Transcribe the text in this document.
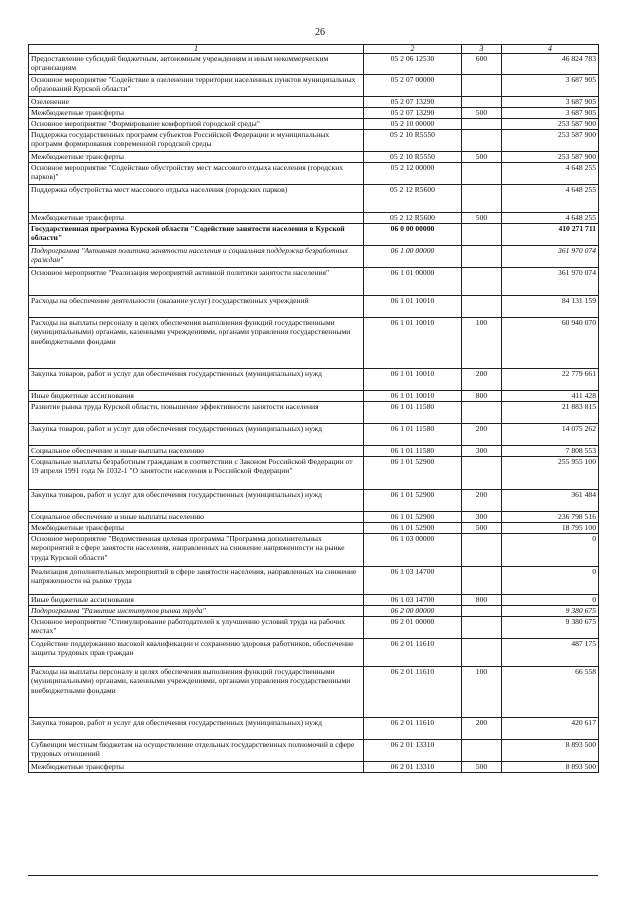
26
1	2	3	4
Предоставление субсидий бюджетным, автономным учреждениям и иным некоммерческим организациям	05 2 06 12530	600	46 824 783
Основное мероприятие "Содействие в озеленении территории населенных пунктов муниципальных образований Курской области"	05 2 07 00000		3 687 905
Озеленение	05 2 07 13290		3 687 905
Межбюджетные трансферты	05 2 07 13290	500	3 687 905
Основное мероприятие "Формирование комфортной городской среды"	05 2 10 00000		253 587 900
Поддержка государственных программ субъектов Российской Федерации и муниципальных программ формирования современной городской среды	05 2 10 R5550		253 587 900
Межбюджетные трансферты	05 2 10 R5550	500	253 587 900
Основное мероприятие "Содействие обустройству мест массового отдыха населения (городских парков)"	05 2 12 00000		4 648 255
Поддержка обустройства мест массового отдыха населения (городских парков)	05 2 12 R5600		4 648 255
Межбюджетные трансферты	05 2 12 R5600	500	4 648 255
Государственная программа Курской области "Содействие занятости населения в Курской области"	06 0 00 00000		410 271 711
Подпрограмма "Активная политика занятости населения и социальная поддержка безработных граждан"	06 1 00 00000		361 970 074
Основное мероприятие "Реализация мероприятий активной политики занятости населения"	06 1 01 00000		361 970 074
Расходы на обеспечение деятельности (оказание услуг) государственных учреждений	06 1 01 10010		84 131 159
Расходы на выплаты персоналу в целях обеспечения выполнения функций государственными (муниципальными) органами, казенными учреждениями, органами управления государственными внебюджетными фондами	06 1 01 10010	100	60 940 070
Закупка товаров, работ и услуг для обеспечения государственных (муниципальных) нужд	06 1 01 10010	200	22 779 661
Иные бюджетные ассигнования	06 1 01 10010	800	411 428
Развитие рынка труда Курской области, повышение эффективности занятости населения	06 1 01 11580		21 883 815
Закупка товаров, работ и услуг для обеспечения государственных (муниципальных) нужд	06 1 01 11580	200	14 075 262
Социальное обеспечение и иные выплаты населению	06 1 01 11580	300	7 808 553
Социальные выплаты безработным гражданам в соответствии с Законом Российской Федерации от 19 апреля 1991 года № 1032-1 "О занятости населения в Российской Федерации"	06 1 01 52900		255 955 100
Закупка товаров, работ и услуг для обеспечения государственных (муниципальных) нужд	06 1 01 52900	200	361 484
Социальное обеспечение и иные выплаты населению	06 1 01 52900	300	236 798 516
Межбюджетные трансферты	06 1 01 52900	500	18 795 100
Основное мероприятие "Ведомственная целевая программа "Программа дополнительных мероприятий в сфере занятости населения, направленных на снижение напряженности на рынке труда Курской области"	06 1 03 00000		0
Реализация дополнительных мероприятий в сфере занятости населения, направленных на снижение напряженности на рынке труда	06 1 03 14700		0
Иные бюджетные ассигнования	06 1 03 14700	800	0
Подпрограмма "Развитие институтов рынка труда"	06 2 00 00000		9 380 675
Основное мероприятие "Стимулирование работодателей к улучшению условий труда на рабочих местах"	06 2 01 00000		9 380 675
Содействие поддержанию высокой квалификации и сохранению здоровья работников, обеспечение защиты трудовых прав граждан	06 2 01 11610		487 175
Расходы на выплаты персоналу в целях обеспечения выполнения функций государственными (муниципальными) органами, казенными учреждениями, органами управления государственными внебюджетными фондами	06 2 01 11610	100	66 558
Закупка товаров, работ и услуг для обеспечения государственных (муниципальных) нужд	06 2 01 11610	200	420 617
Субвенции местным бюджетам на осуществление отдельных государственных полномочий в сфере трудовых отношений	06 2 01 13310		8 893 500
Межбюджетные трансферты	06 2 01 13310	500	8 893 500
